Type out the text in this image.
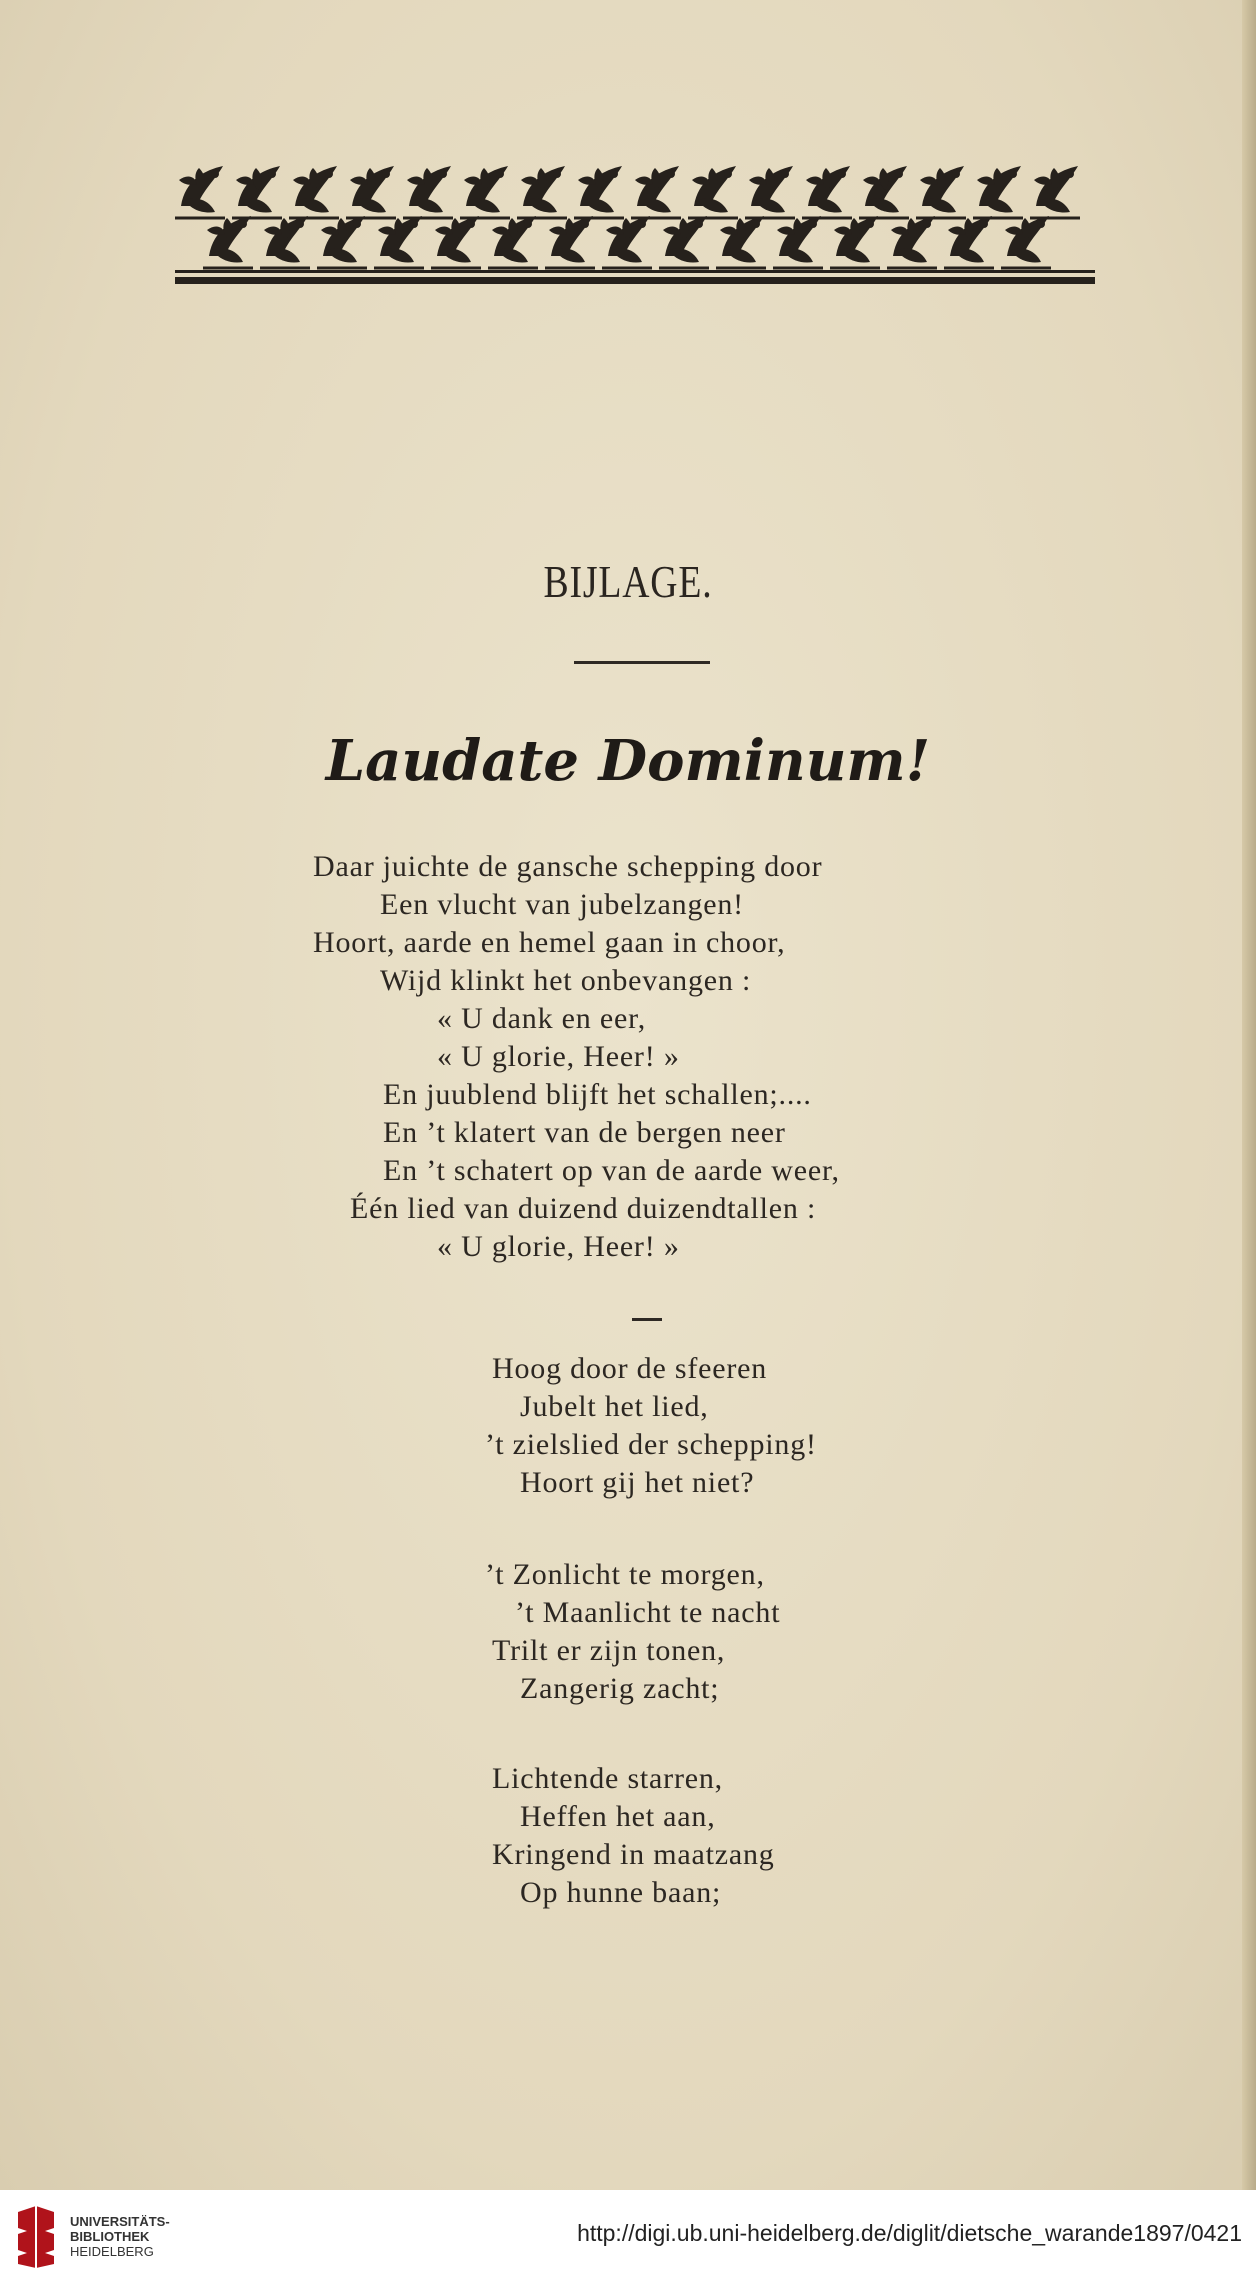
BIJLAGE.
Laudate Dominum!
Daar juichte de gansche schepping door
Een vlucht van jubelzangen!
Hoort, aarde en hemel gaan in choor,
Wijd klinkt het onbevangen :
« U dank en eer,
« U glorie, Heer! »
En juublend blijft het schallen;....
En ’t klatert van de bergen neer
En ’t schatert op van de aarde weer,
Één lied van duizend duizendtallen :
« U glorie, Heer! »
Hoog door de sfeeren
Jubelt het lied,
’t zielslied der schepping!
Hoort gij het niet?
’t Zonlicht te morgen,
’t Maanlicht te nacht
Trilt er zijn tonen,
Zangerig zacht;
Lichtende starren,
Heffen het aan,
Kringend in maatzang
Op hunne baan;
UNIVERSITÄTS-
BIBLIOTHEK
HEIDELBERG
http://digi.ub.uni-heidelberg.de/diglit/dietsche_warande1897/0421
